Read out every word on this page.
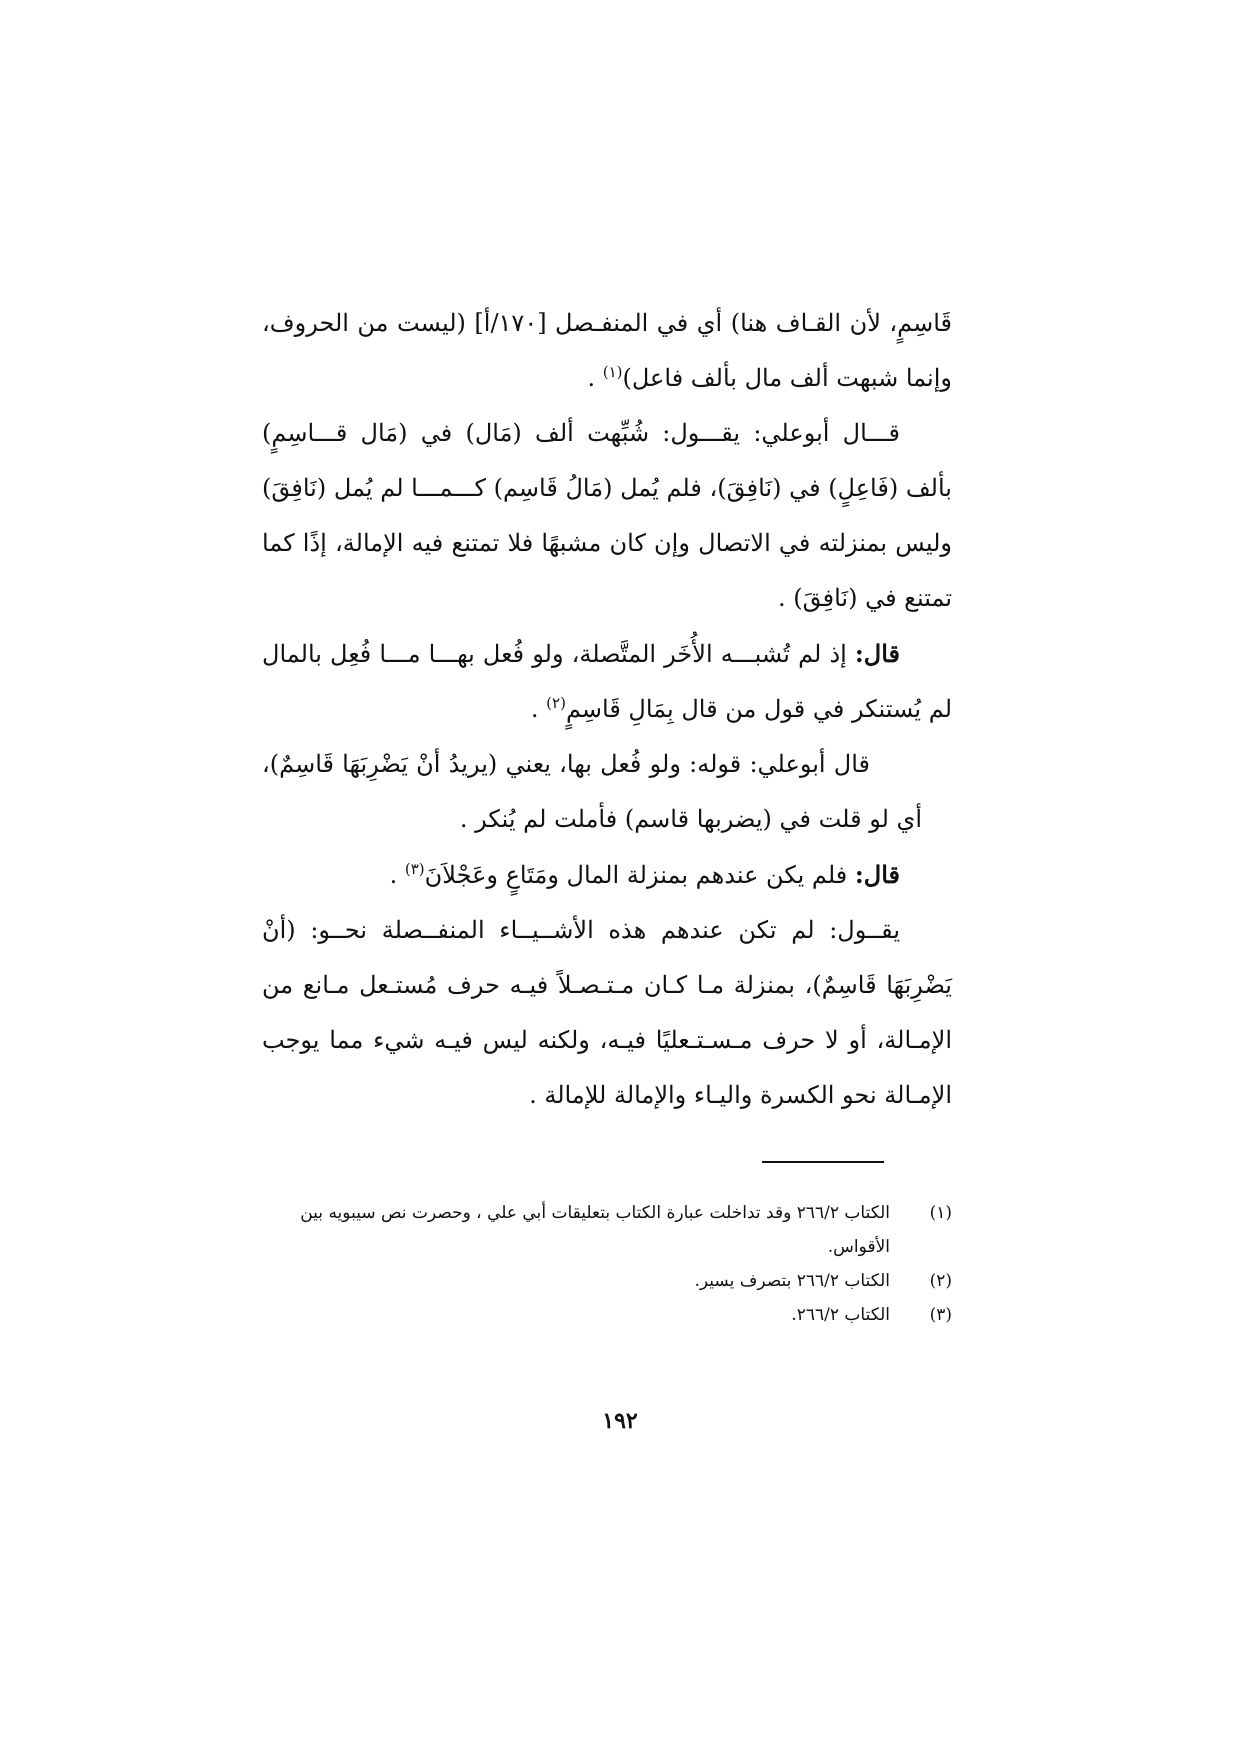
قَاسِمٍ، لأن القـاف هنا) أي في المنفـصل [١٧٠/أ] (ليست من الحروف، وإنما شبهت ألف مال بألف فاعل)$^{(١)}$ .

قـــال أبوعلي: يقـــول: شُبِّهت ألف (مَال) في (مَال قـــاسِمٍ) بألف (فَاعِلٍ) في (نَافِقَ)، فلم يُمل (مَالُ قَاسِم) كـــمـــا لم يُمل (نَافِقَ) وليس بمنزلته في الاتصال وإن كان مشبهًا فلا تمتنع فيه الإمالة، إذًا كما تمتنع في (نَافِقَ) .

قال: إذ لم تُشبـــه الأُخَر المتَّصلة، ولو فُعل بهـــا مـــا فُعِل بالمال لم يُستنكر في قول من قال بِمَالِ قَاسِمٍ$^{(٢)}$ .

قال أبوعلي: قوله: ولو فُعل بها، يعني (يريدُ أنْ يَضْرِبَهَا قَاسِمٌ)، أي لو قلت في (يضربها قاسم) فأملت لم يُنكر .

قال: فلم يكن عندهم بمنزلة المال ومَتَاعٍ وعَجْلاَنَ$^{(٣)}$ .

يقــول: لم تكن عندهم هذه الأشــيــاء المنفــصلة نحــو: (أنْ يَضْرِبَهَا قَاسِمٌ)، بمنزلة مـا كـان مـتـصـلاً فيـه حرف مُستـعل مـانع من الإمـالة، أو لا حرف مـسـتـعليًا فيـه، ولكنه ليس فيـه شيء مما يوجب الإمـالة نحو الكسرة واليـاء والإمالة للإمالة .

(١)
الكتاب ٢٦٦/٢ وقد تداخلت عبارة الكتاب بتعليقات أبي علي ، وحصرت نص سيبويه بين الأقواس.
(٢)
الكتاب ٢٦٦/٢ بتصرف يسير.
(٣)
الكتاب ٢٦٦/٢.
١٩٢
